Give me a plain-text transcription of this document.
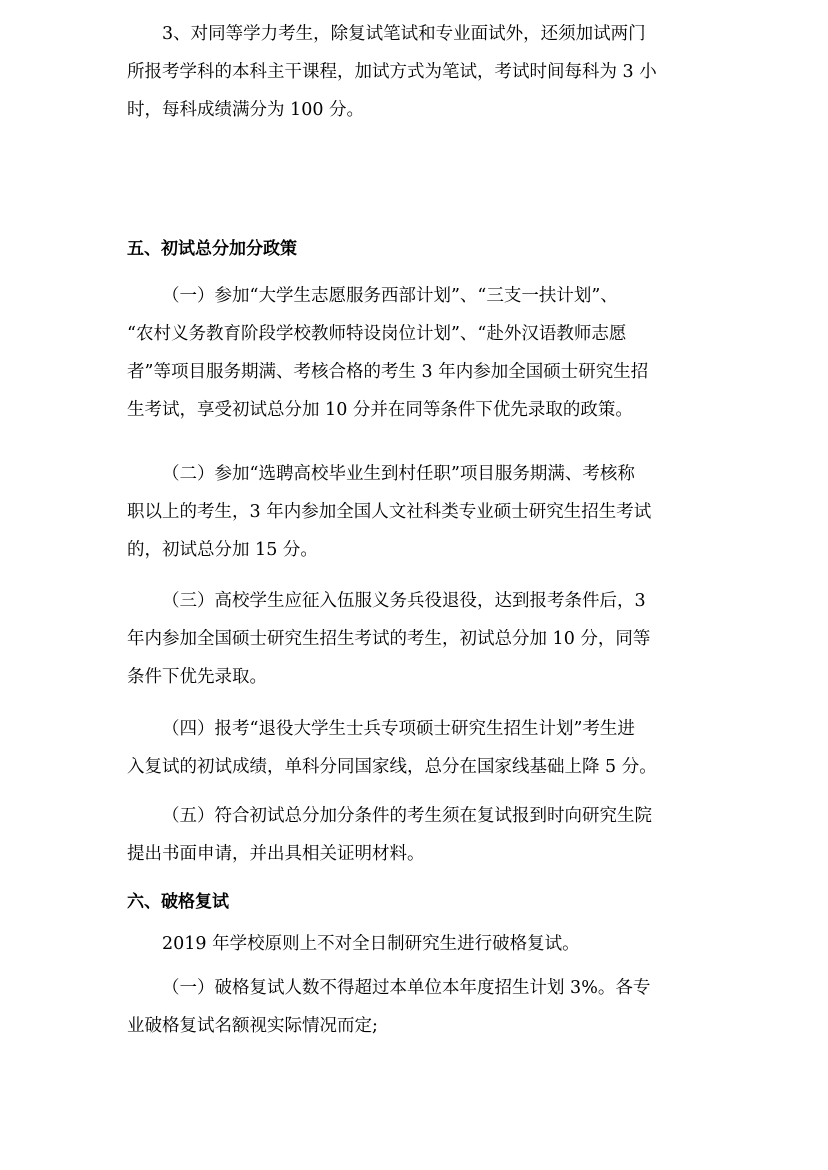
3、对同等学力考生，除复试笔试和专业面试外，还须加试两门
所报考学科的本科主干课程，加试方式为笔试，考试时间每科为 3 小
时，每科成绩满分为 100 分。

五、初试总分加分政策

（一）参加“大学生志愿服务西部计划”、“三支一扶计划”、
“农村义务教育阶段学校教师特设岗位计划”、“赴外汉语教师志愿
者”等项目服务期满、考核合格的考生 3 年内参加全国硕士研究生招
生考试，享受初试总分加 10 分并在同等条件下优先录取的政策。

（二）参加“选聘高校毕业生到村任职”项目服务期满、考核称
职以上的考生，3 年内参加全国人文社科类专业硕士研究生招生考试
的，初试总分加 15 分。

（三）高校学生应征入伍服义务兵役退役，达到报考条件后，3
年内参加全国硕士研究生招生考试的考生，初试总分加 10 分，同等
条件下优先录取。

（四）报考“退役大学生士兵专项硕士研究生招生计划”考生进
入复试的初试成绩，单科分同国家线，总分在国家线基础上降 5 分。

（五）符合初试总分加分条件的考生须在复试报到时向研究生院
提出书面申请，并出具相关证明材料。

六、破格复试

2019 年学校原则上不对全日制研究生进行破格复试。

（一）破格复试人数不得超过本单位本年度招生计划 3%。各专
业破格复试名额视实际情况而定;
